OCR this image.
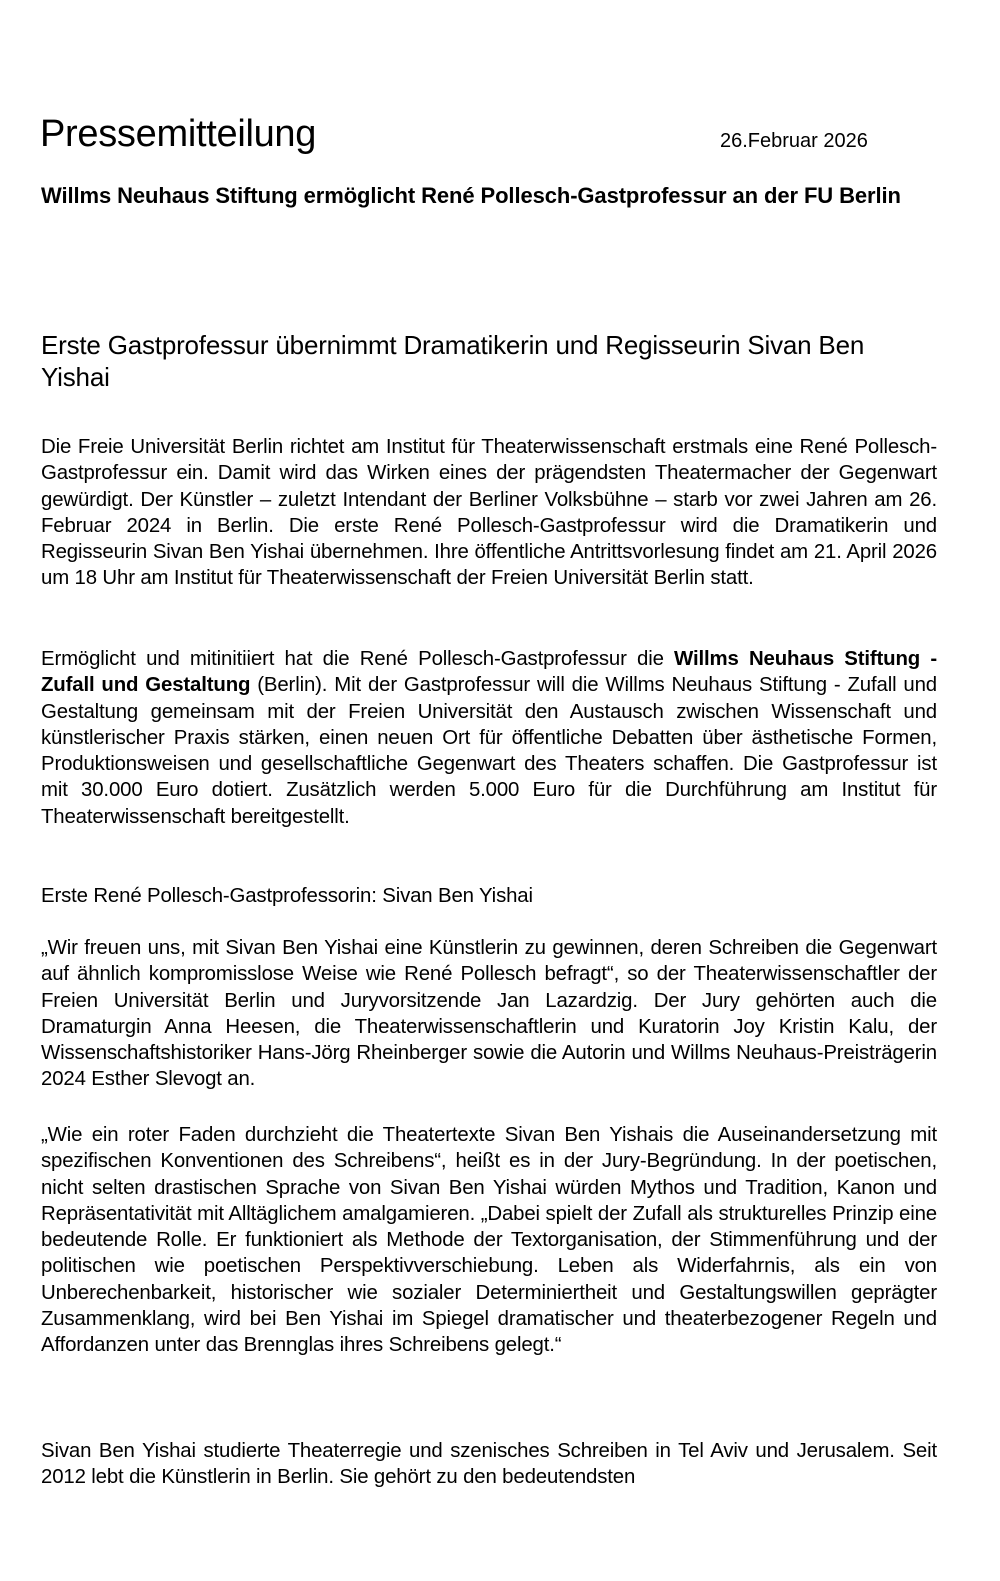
Pressemitteilung	26.Februar 2026
Willms Neuhaus Stiftung ermöglicht René Pollesch-Gastprofessur an der FU Berlin
Erste Gastprofessur übernimmt Dramatikerin und Regisseurin Sivan Ben Yishai

Die Freie Universität Berlin richtet am Institut für Theaterwissenschaft erstmals eine René Pollesch-Gastprofessur ein. Damit wird das Wirken eines der prägendsten Theatermacher der Gegenwart gewürdigt. Der Künstler – zuletzt Intendant der Berliner Volksbühne – starb vor zwei Jahren am 26. Februar 2024 in Berlin. Die erste René Pollesch-Gastprofessur wird die Dramatikerin und Regisseurin Sivan Ben Yishai übernehmen. Ihre öffentliche Antrittsvorlesung findet am 21. April 2026 um 18 Uhr am Institut für Theaterwissenschaft der Freien Universität Berlin statt.

Ermöglicht und mitinitiiert hat die René Pollesch-Gastprofessur die Willms Neuhaus Stiftung - Zufall und Gestaltung (Berlin). Mit der Gastprofessur will die Willms Neuhaus Stiftung - Zufall und Gestaltung gemeinsam mit der Freien Universität den Austausch zwischen Wissenschaft und künstlerischer Praxis stärken, einen neuen Ort für öffentliche Debatten über ästhetische Formen, Produktionsweisen und gesellschaftliche Gegenwart des Theaters schaffen. Die Gastprofessur ist mit 30.000 Euro dotiert. Zusätzlich werden 5.000 Euro für die Durchführung am Institut für Theaterwissenschaft bereitgestellt.

Erste René Pollesch-Gastprofessorin: Sivan Ben Yishai

„Wir freuen uns, mit Sivan Ben Yishai eine Künstlerin zu gewinnen, deren Schreiben die Gegenwart auf ähnlich kompromisslose Weise wie René Pollesch befragt“, so der Theaterwissenschaftler der Freien Universität Berlin und Juryvorsitzende Jan Lazardzig. Der Jury gehörten auch die Dramaturgin Anna Heesen, die Theaterwissenschaftlerin und Kuratorin Joy Kristin Kalu, der Wissenschaftshistoriker Hans-Jörg Rheinberger sowie die Autorin und Willms Neuhaus-Preisträgerin 2024 Esther Slevogt an.

„Wie ein roter Faden durchzieht die Theatertexte Sivan Ben Yishais die Auseinandersetzung mit spezifischen Konventionen des Schreibens“, heißt es in der Jury-Begründung. In der poetischen, nicht selten drastischen Sprache von Sivan Ben Yishai würden Mythos und Tradition, Kanon und Repräsentativität mit Alltäglichem amalgamieren. „Dabei spielt der Zufall als strukturelles Prinzip eine bedeutende Rolle. Er funktioniert als Methode der Textorganisation, der Stimmenführung und der politischen wie poetischen Perspektivverschiebung. Leben als Widerfahrnis, als ein von Unberechenbarkeit, historischer wie sozialer Determiniertheit und Gestaltungswillen geprägter Zusammenklang, wird bei Ben Yishai im Spiegel dramatischer und theaterbezogener Regeln und Affordanzen unter das Brennglas ihres Schreibens gelegt.“

Sivan Ben Yishai studierte Theaterregie und szenisches Schreiben in Tel Aviv und Jerusalem. Seit 2012 lebt die Künstlerin in Berlin. Sie gehört zu den bedeutendsten
